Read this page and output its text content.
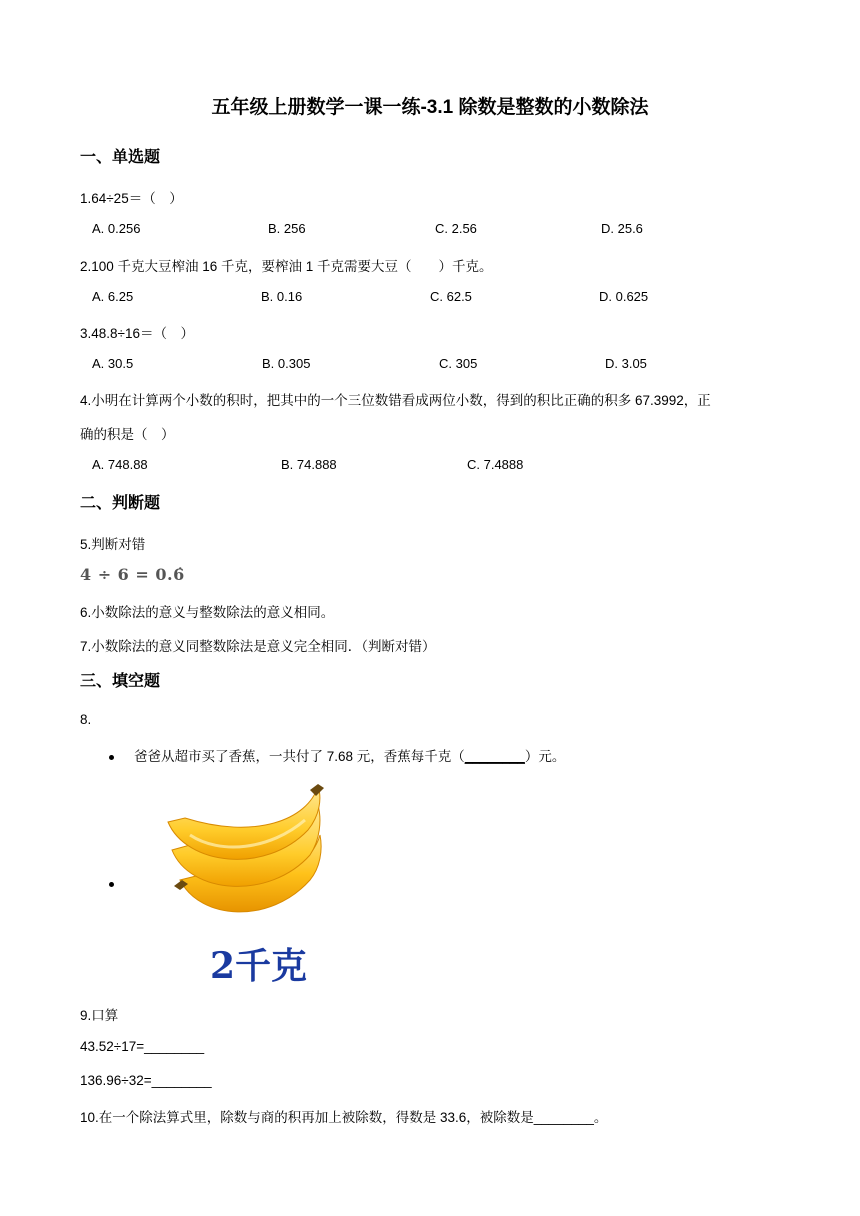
五年级上册数学一课一练-3.1 除数是整数的小数除法
一、单选题
1.64÷25＝（　）
A. 0.256	B. 256	C. 2.56	D. 25.6
2.100 千克大豆榨油 16 千克，要榨油 1 千克需要大豆（　　）千克。
A. 6.25	B. 0.16	C. 62.5	D. 0.625
3.48.8÷16＝（　）
A. 30.5	B. 0.305	C. 305	D. 3.05
4.小明在计算两个小数的积时，把其中的一个三位数错看成两位小数，得到的积比正确的积多 67.3992，正
确的积是（　）
A. 748.88	B. 74.888	C. 7.4888
二、判断题
5.判断对错
4 ÷ 6 = 0.6̇
6.小数除法的意义与整数除法的意义相同。
7.小数除法的意义同整数除法是意义完全相同．（判断对错）
三、填空题
8.
爸爸从超市买了香蕉，一共付了 7.68 元，香蕉每千克（________）元。
2千克
9.口算
43.52÷17=________
136.96÷32=________
10.在一个除法算式里，除数与商的积再加上被除数，得数是 33.6，被除数是________。
